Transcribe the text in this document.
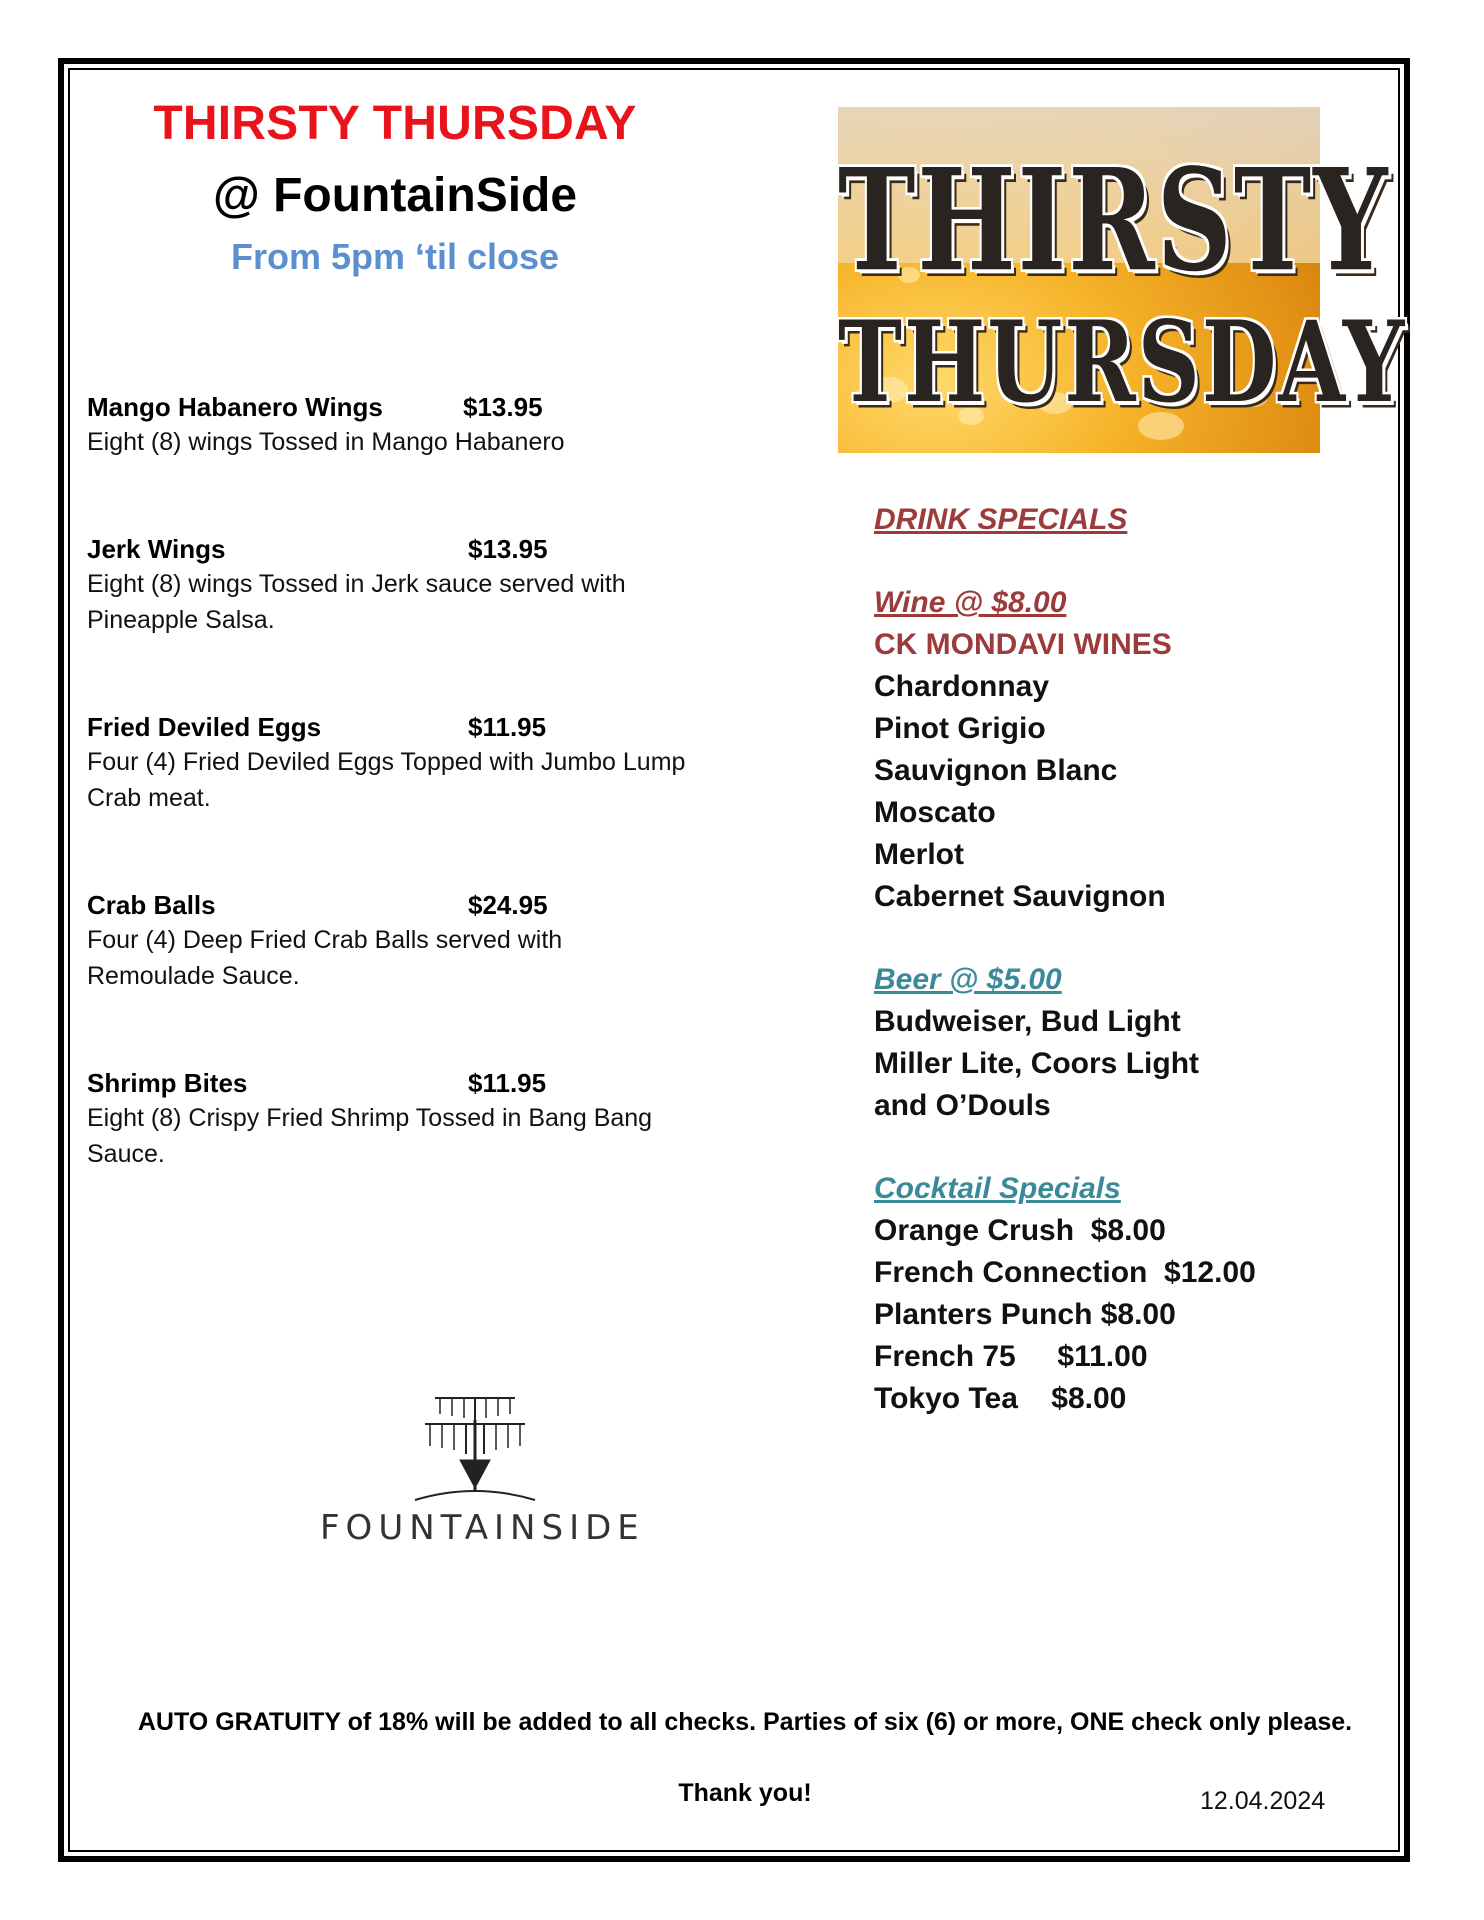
THIRSTY THURSDAY
@ FountainSide
From 5pm ‘til close
Mango Habanero Wings	$13.95
Eight (8) wings Tossed in Mango Habanero
Jerk Wings	$13.95
Eight (8) wings Tossed in Jerk sauce served with Pineapple Salsa.
Fried Deviled Eggs	$11.95
Four (4) Fried Deviled Eggs Topped with Jumbo Lump Crab meat.
Crab Balls	$24.95
Four (4) Deep Fried Crab Balls served with Remoulade Sauce.
Shrimp Bites	$11.95
Eight (8) Crispy Fried Shrimp Tossed in Bang Bang Sauce.
THIRSTY
THURSDAY
DRINK SPECIALS
Wine @ $8.00
CK MONDAVI WINES
Chardonnay
Pinot Grigio
Sauvignon Blanc
Moscato
Merlot
Cabernet Sauvignon
Beer @ $5.00
Budweiser, Bud Light
Miller Lite, Coors Light
and O’Douls
Cocktail Specials
Orange Crush  $8.00
French Connection  $12.00
Planters Punch $8.00
French 75     $11.00
Tokyo Tea    $8.00
FOUNTAINSIDE
AUTO GRATUITY of 18% will be added to all checks. Parties of six (6) or more, ONE check only please.
Thank you!	12.04.2024
